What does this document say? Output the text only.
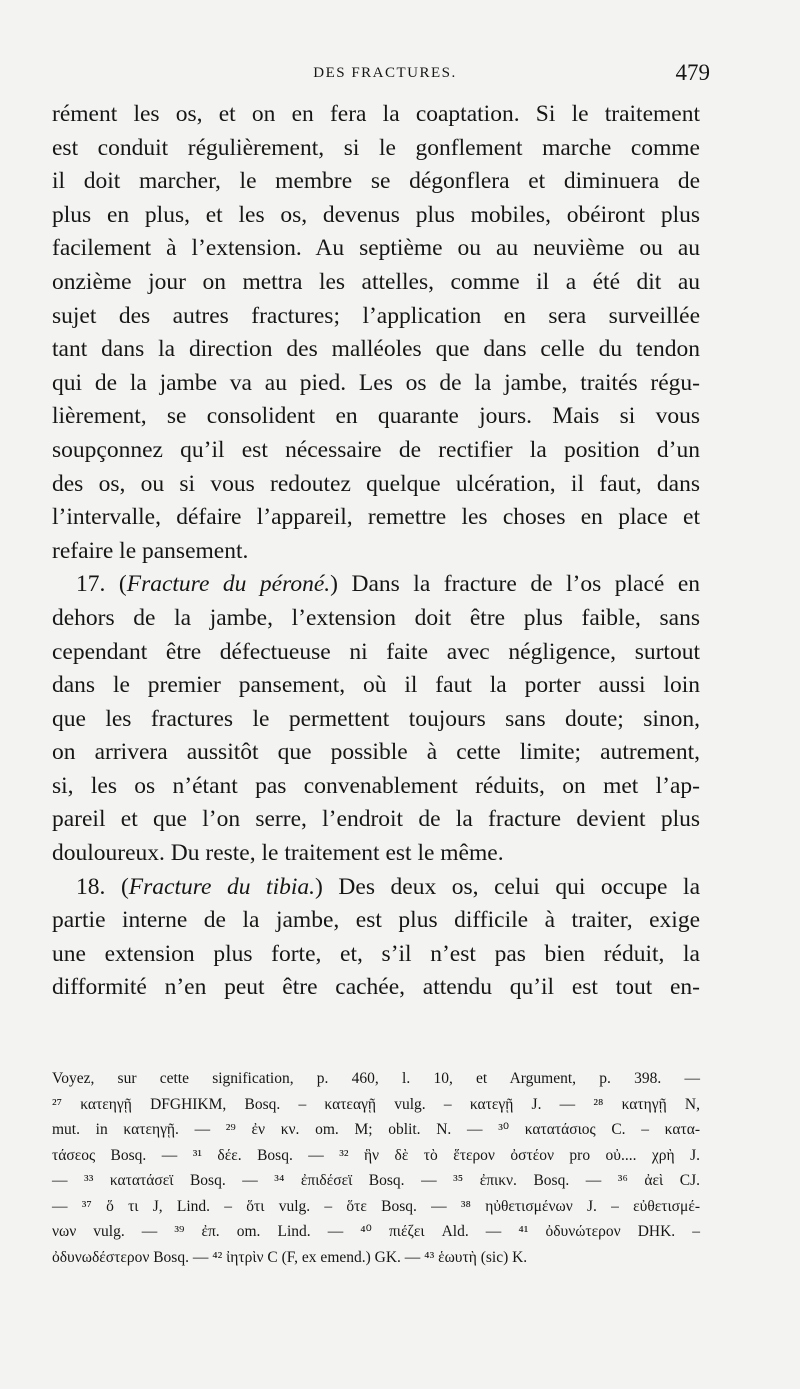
DES FRACTURES.	479

rément les os, et on en fera la coaptation. Si le traitement
est conduit régulièrement, si le gonflement marche comme
il doit marcher, le membre se dégonflera et diminuera de
plus en plus, et les os, devenus plus mobiles, obéiront plus
facilement à l’extension. Au septième ou au neuvième ou au
onzième jour on mettra les attelles, comme il a été dit au
sujet des autres fractures; l’application en sera surveillée
tant dans la direction des malléoles que dans celle du tendon
qui de la jambe va au pied. Les os de la jambe, traités régu-
lièrement, se consolident en quarante jours. Mais si vous
soupçonnez qu’il est nécessaire de rectifier la position d’un
des os, ou si vous redoutez quelque ulcération, il faut, dans
l’intervalle, défaire l’appareil, remettre les choses en place et
refaire le pansement.

17. (Fracture du péroné.) Dans la fracture de l’os placé en
dehors de la jambe, l’extension doit être plus faible, sans
cependant être défectueuse ni faite avec négligence, surtout
dans le premier pansement, où il faut la porter aussi loin
que les fractures le permettent toujours sans doute; sinon,
on arrivera aussitôt que possible à cette limite; autrement,
si, les os n’étant pas convenablement réduits, on met l’ap-
pareil et que l’on serre, l’endroit de la fracture devient plus
douloureux. Du reste, le traitement est le même.

18. (Fracture du tibia.) Des deux os, celui qui occupe la
partie interne de la jambe, est plus difficile à traiter, exige
une extension plus forte, et, s’il n’est pas bien réduit, la
difformité n’en peut être cachée, attendu qu’il est tout en-

Voyez, sur cette signification, p. 460, l. 10, et Argument, p. 398. —
²⁷ κατεηγῇ DFGHIKM, Bosq. – κατεαγῇ vulg. – κατεγῇ J. — ²⁸ κατηγῇ N,
mut. in κατεηγῇ. — ²⁹ ἐν κν. om. M; oblit. N. — ³⁰ κατατάσιος C. – κατα-
τάσεος Bosq. — ³¹ δέε. Bosq. — ³² ἣν δὲ τὸ ἕτερον ὀστέον pro οὐ.... χρὴ J.
— ³³ κατατάσεϊ Bosq. — ³⁴ ἐπιδέσεϊ Bosq. — ³⁵ ἐπικν. Bosq. — ³⁶ ἀεὶ CJ.
— ³⁷ ὅ τι J, Lind. – ὅτι vulg. – ὅτε Bosq. — ³⁸ ηὐθετισμένων J. – εὐθετισμέ-
νων vulg. — ³⁹ ἐπ. om. Lind. — ⁴⁰ πιέζει Ald. — ⁴¹ ὀδυνώτερον DHK. –
ὀδυνωδέστερον Bosq. — ⁴² ἰητρὶν C (F, ex emend.) GK. — ⁴³ ἑωυτὴ (sic) K.
